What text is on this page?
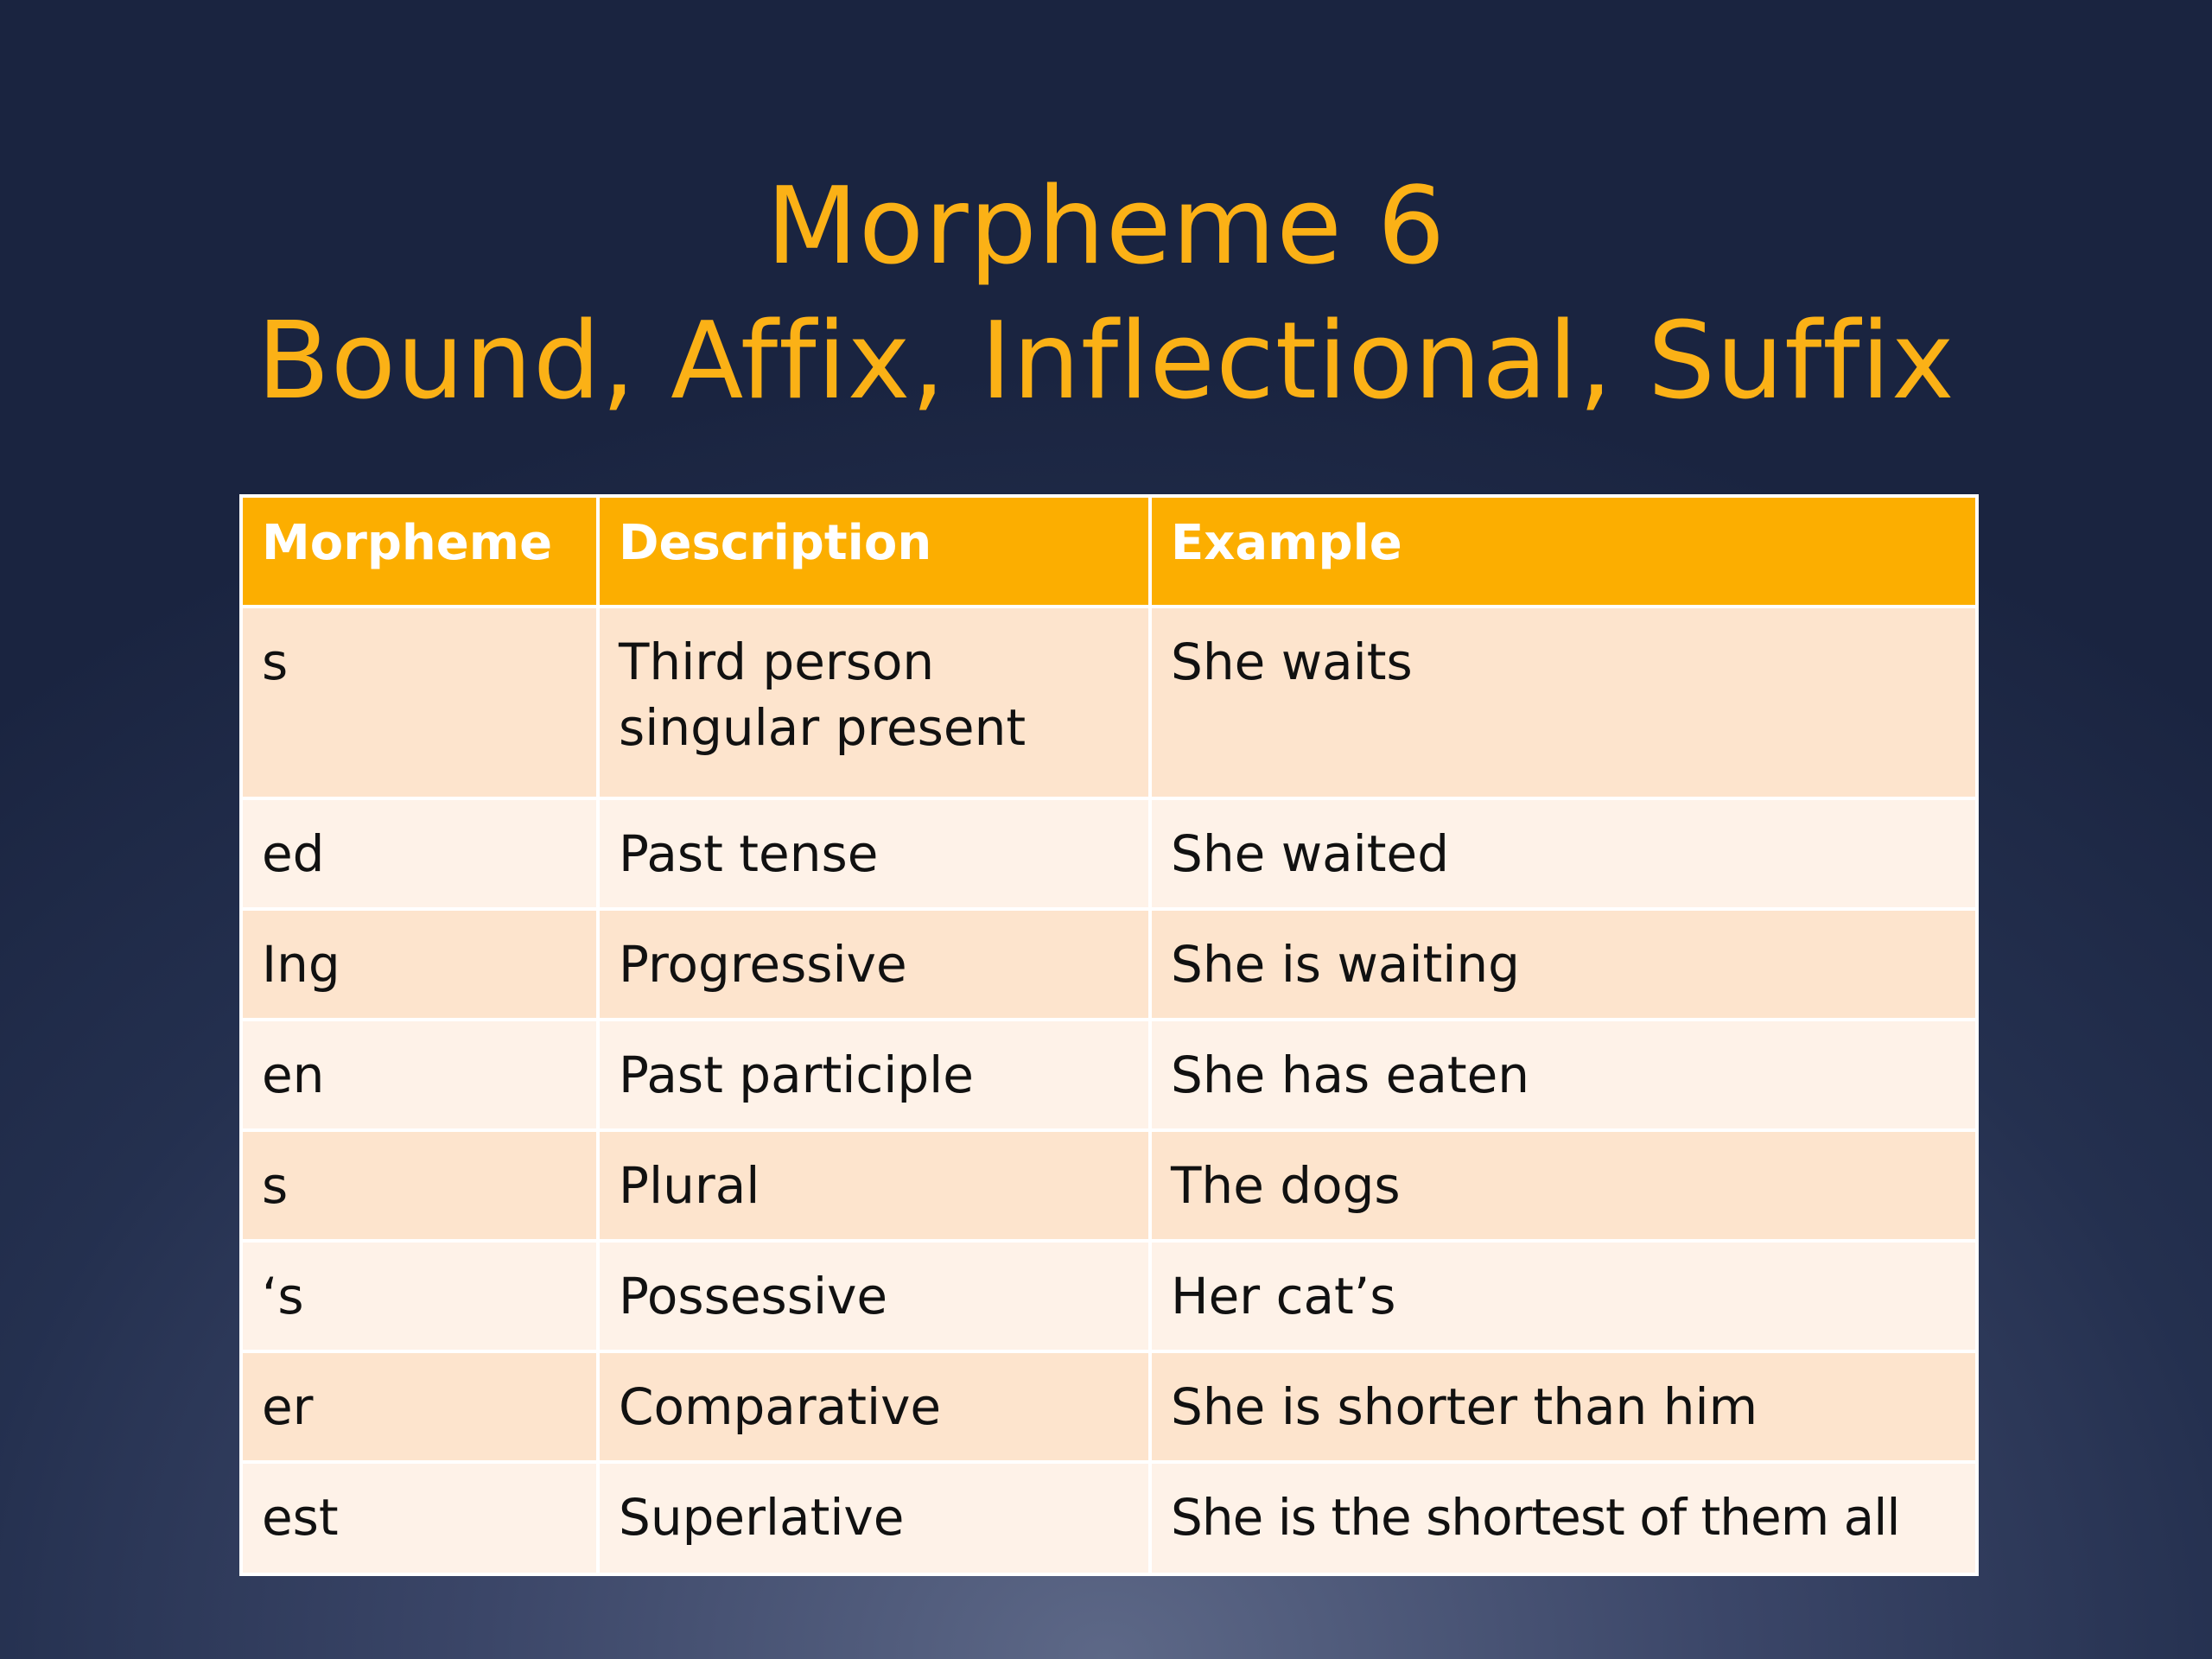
Morpheme 6
Bound, Affix, Inflectional, Suffix
Morpheme	Description	Example
s	Third person singular present	She waits
ed	Past tense	She waited
Ing	Progressive	She is waiting
en	Past participle	She has eaten
s	Plural	The dogs
‘s	Possessive	Her cat’s
er	Comparative	She is shorter than him
est	Superlative	She is the shortest of them all
